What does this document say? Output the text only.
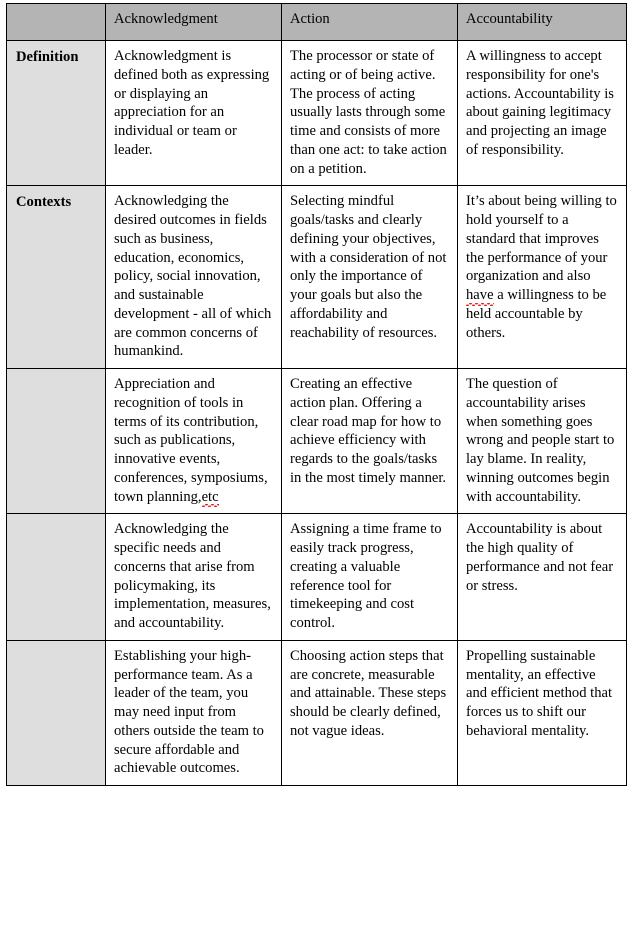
	Acknowledgment	Action	Accountability
Definition	Acknowledgment is defined both as expressing or displaying an appreciation for an individual or team or leader.	The processor or state of acting or of being active. The process of acting usually lasts through some time and consists of more than one act: to take action on a petition.	A willingness to accept responsibility for one's actions. Accountability is about gaining legitimacy and projecting an image of responsibility.
Contexts	Acknowledging the desired outcomes in fields such as business, education, economics, policy, social innovation, and sustainable development - all of which are common concerns of humankind.	Selecting mindful goals/tasks and clearly defining your objectives, with a consideration of not only the importance of your goals but also the affordability and reachability of resources.	It’s about being willing to hold yourself to a standard that improves the performance of your organization and also have a willingness to be held accountable by others.
	Appreciation and recognition of tools in terms of its contribution, such as publications, innovative events, conferences, symposiums, town planning,etc	Creating an effective action plan. Offering a clear road map for how to achieve efficiency with regards to the goals/tasks in the most timely manner.	The question of accountability arises when something goes wrong and people start to lay blame. In reality, winning outcomes begin with accountability.
	Acknowledging the specific needs and concerns that arise from policymaking, its implementation, measures, and accountability.	Assigning a time frame to easily track progress, creating a valuable reference tool for timekeeping and cost control.	Accountability is about the high quality of performance and not fear or stress.
	Establishing your high-performance team. As a leader of the team, you may need input from others outside the team to secure affordable and achievable outcomes.	Choosing action steps that are concrete, measurable and attainable. These steps should be clearly defined, not vague ideas.	Propelling sustainable mentality, an effective and efficient method that forces us to shift our behavioral mentality.
